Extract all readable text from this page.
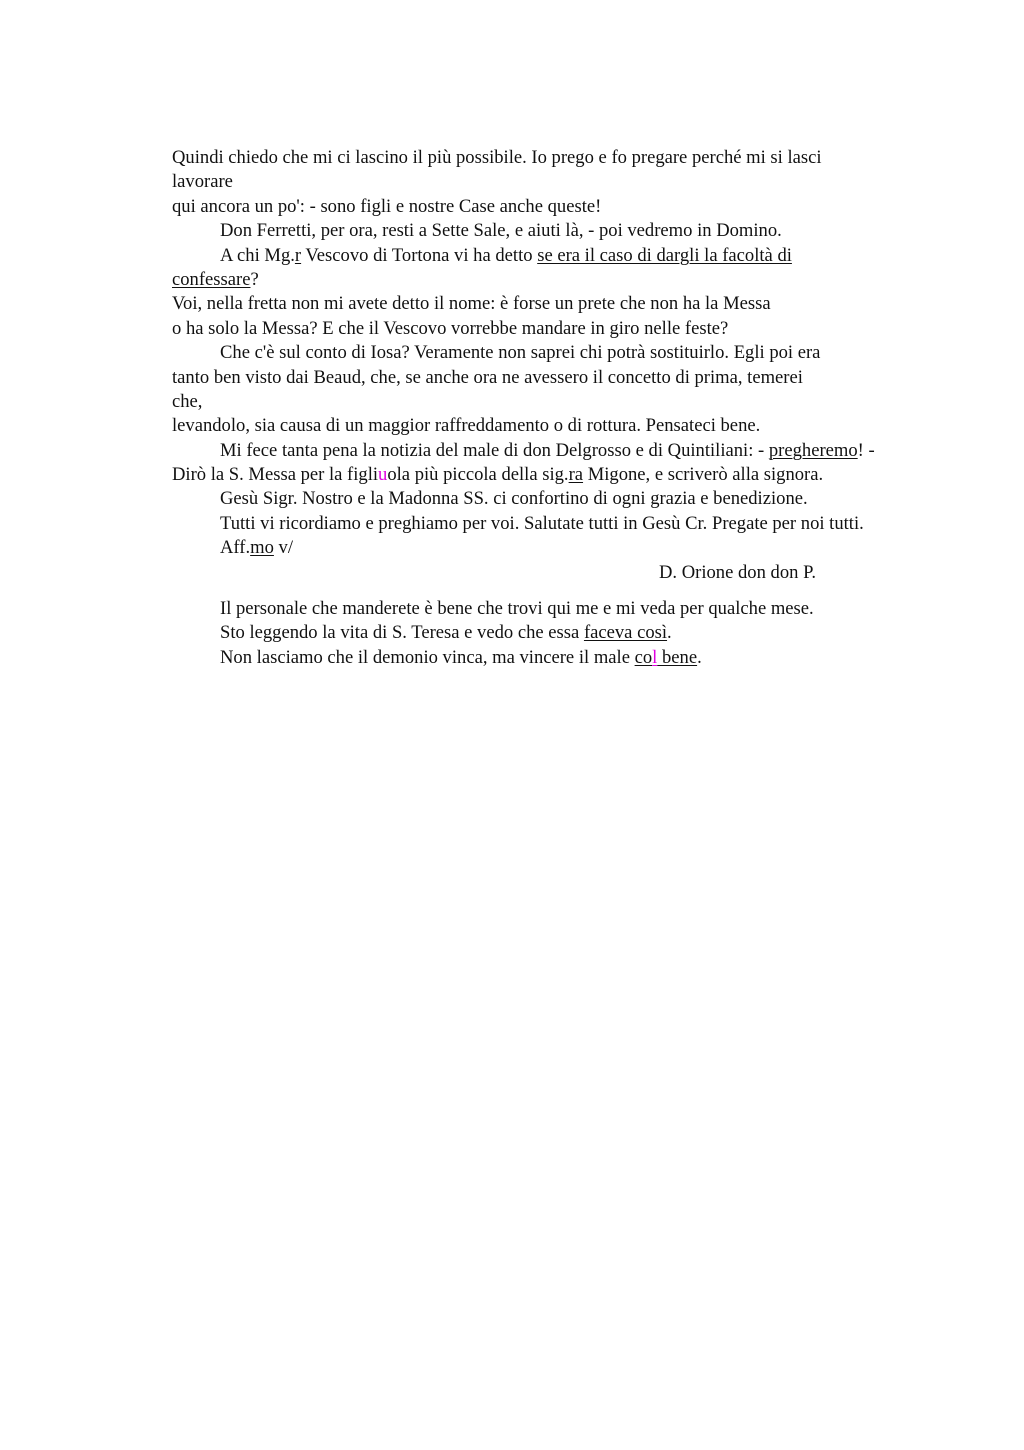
Quindi chiedo che mi ci lascino il più possibile. Io prego e fo pregare perché mi si lasci
lavorare
qui ancora un po': - sono figli e nostre Case anche queste!
Don Ferretti, per ora, resti a Sette Sale, e aiuti là, - poi vedremo in Domino.
A chi Mg.r Vescovo di Tortona vi ha detto se era il caso di dargli la facoltà di
confessare?
Voi, nella fretta non mi avete detto il nome: è forse un prete che non ha la Messa
o ha solo la Messa? E che il Vescovo vorrebbe mandare in giro nelle feste?
Che c'è sul conto di Iosa? Veramente non saprei chi potrà sostituirlo. Egli poi era
tanto ben visto dai Beaud, che, se anche ora ne avessero il concetto di prima, temerei
che,
levandolo, sia causa di un maggior raffreddamento o di rottura. Pensateci bene.
Mi fece tanta pena la notizia del male di don Delgrosso e di Quintiliani: - pregheremo! -
Dirò la S. Messa per la figliuola più piccola della sig.ra Migone, e scriverò alla signora.
Gesù Sigr. Nostro e la Madonna SS. ci confortino di ogni grazia e benedizione.
Tutti vi ricordiamo e preghiamo per voi. Salutate tutti in Gesù Cr. Pregate per noi tutti.
Aff.mo v/
D. Orione don don P.
Il personale che manderete è bene che trovi qui me e mi veda per qualche mese.
Sto leggendo la vita di S. Teresa e vedo che essa faceva così.
Non lasciamo che il demonio vinca, ma vincere il male col bene.
